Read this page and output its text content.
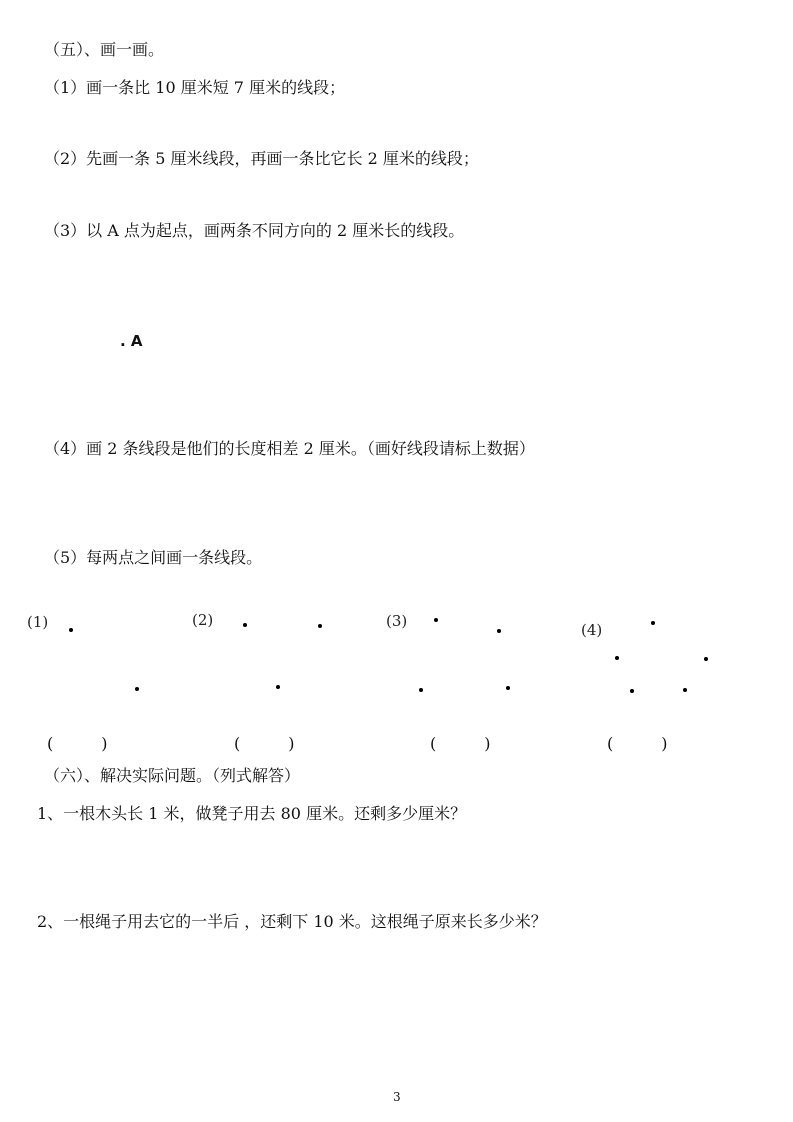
（五）、画一画。
（1）画一条比 10 厘米短 7 厘米的线段；
（2）先画一条 5 厘米线段，再画一条比它长 2 厘米的线段；
（3）以 A 点为起点，画两条不同方向的 2 厘米长的线段。
. A
（4）画 2 条线段是他们的长度相差 2 厘米。（画好线段请标上数据）
（5）每两点之间画一条线段。
(1)	(2)	(3)	(4)
(　　　)	(　　　)	(　　　)	(　　　)
（六）、解决实际问题。（列式解答）
1、一根木头长 1 米，做凳子用去 80 厘米。还剩多少厘米？
2、一根绳子用去它的一半后 ，还剩下 10 米。这根绳子原来长多少米？
3
